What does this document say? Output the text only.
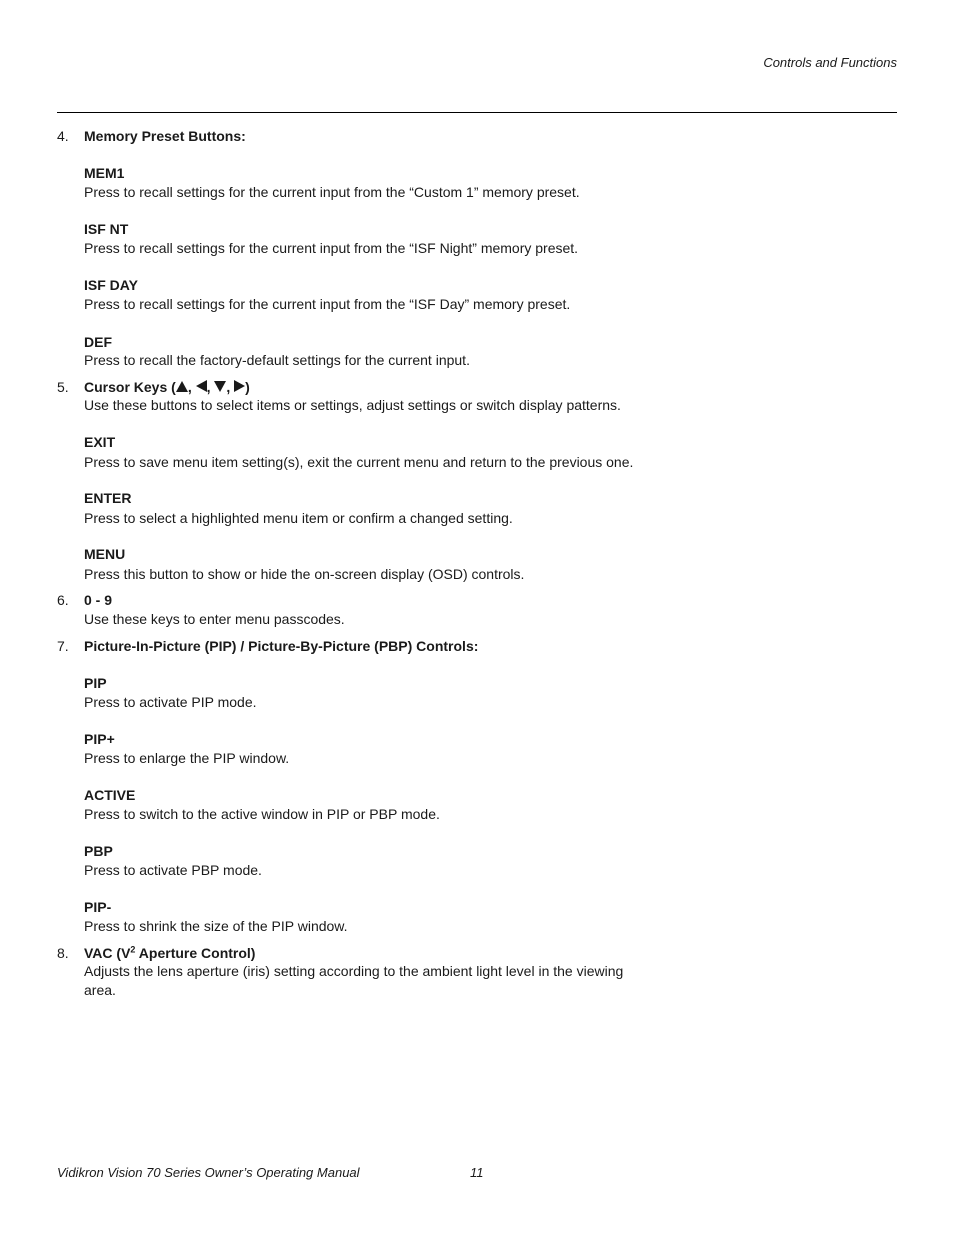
Controls and Functions
4. Memory Preset Buttons:
MEM1
Press to recall settings for the current input from the “Custom 1” memory preset.
ISF NT
Press to recall settings for the current input from the “ISF Night” memory preset.
ISF DAY
Press to recall settings for the current input from the “ISF Day” memory preset.
DEF
Press to recall the factory-default settings for the current input.
5. Cursor Keys ( , , , )
Use these buttons to select items or settings, adjust settings or switch display patterns.
EXIT
Press to save menu item setting(s), exit the current menu and return to the previous one.
ENTER
Press to select a highlighted menu item or confirm a changed setting.
MENU
Press this button to show or hide the on-screen display (OSD) controls.
6. 0 - 9
Use these keys to enter menu passcodes.
7. Picture-In-Picture (PIP) / Picture-By-Picture (PBP) Controls:
PIP
Press to activate PIP mode.
PIP+
Press to enlarge the PIP window.
ACTIVE
Press to switch to the active window in PIP or PBP mode.
PBP
Press to activate PBP mode.
PIP-
Press to shrink the size of the PIP window.
8. VAC ($V^2$ Aperture Control)
Adjusts the lens aperture (iris) setting according to the ambient light level in the viewing
area.
Vidikron Vision 70 Series Owner’s Operating Manual	11
